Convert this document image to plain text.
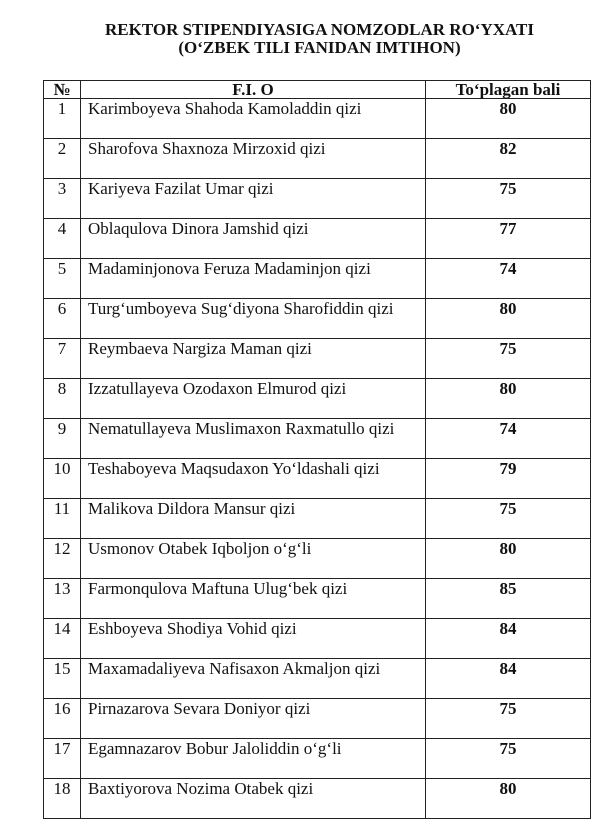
REKTOR STIPENDIYASIGA NOMZODLAR RO‘YXATI
(O‘ZBEK TILI FANIDAN IMTIHON)
№	F.I. O	To‘plagan bali
1	Karimboyeva Shahoda Kamoladdin qizi	80
2	Sharofova Shaxnoza Mirzoxid qizi	82
3	Kariyeva Fazilat Umar qizi	75
4	Oblaqulova Dinora Jamshid qizi	77
5	Madaminjonova Feruza Madaminjon qizi	74
6	Turg‘umboyeva Sug‘diyona Sharofiddin qizi	80
7	Reymbaeva Nargiza Maman qizi	75
8	Izzatullayeva Ozodaxon Elmurod qizi	80
9	Nematullayeva Muslimaxon Raxmatullo qizi	74
10	Teshaboyeva Maqsudaxon Yo‘ldashali qizi	79
11	Malikova Dildora Mansur qizi	75
12	Usmonov Otabek Iqboljon o‘g‘li	80
13	Farmonqulova Maftuna Ulug‘bek qizi	85
14	Eshboyeva Shodiya Vohid qizi	84
15	Maxamadaliyeva Nafisaxon Akmaljon qizi	84
16	Pirnazarova Sevara Doniyor qizi	75
17	Egamnazarov Bobur Jaloliddin o‘g‘li	75
18	Baxtiyorova Nozima Otabek qizi	80
